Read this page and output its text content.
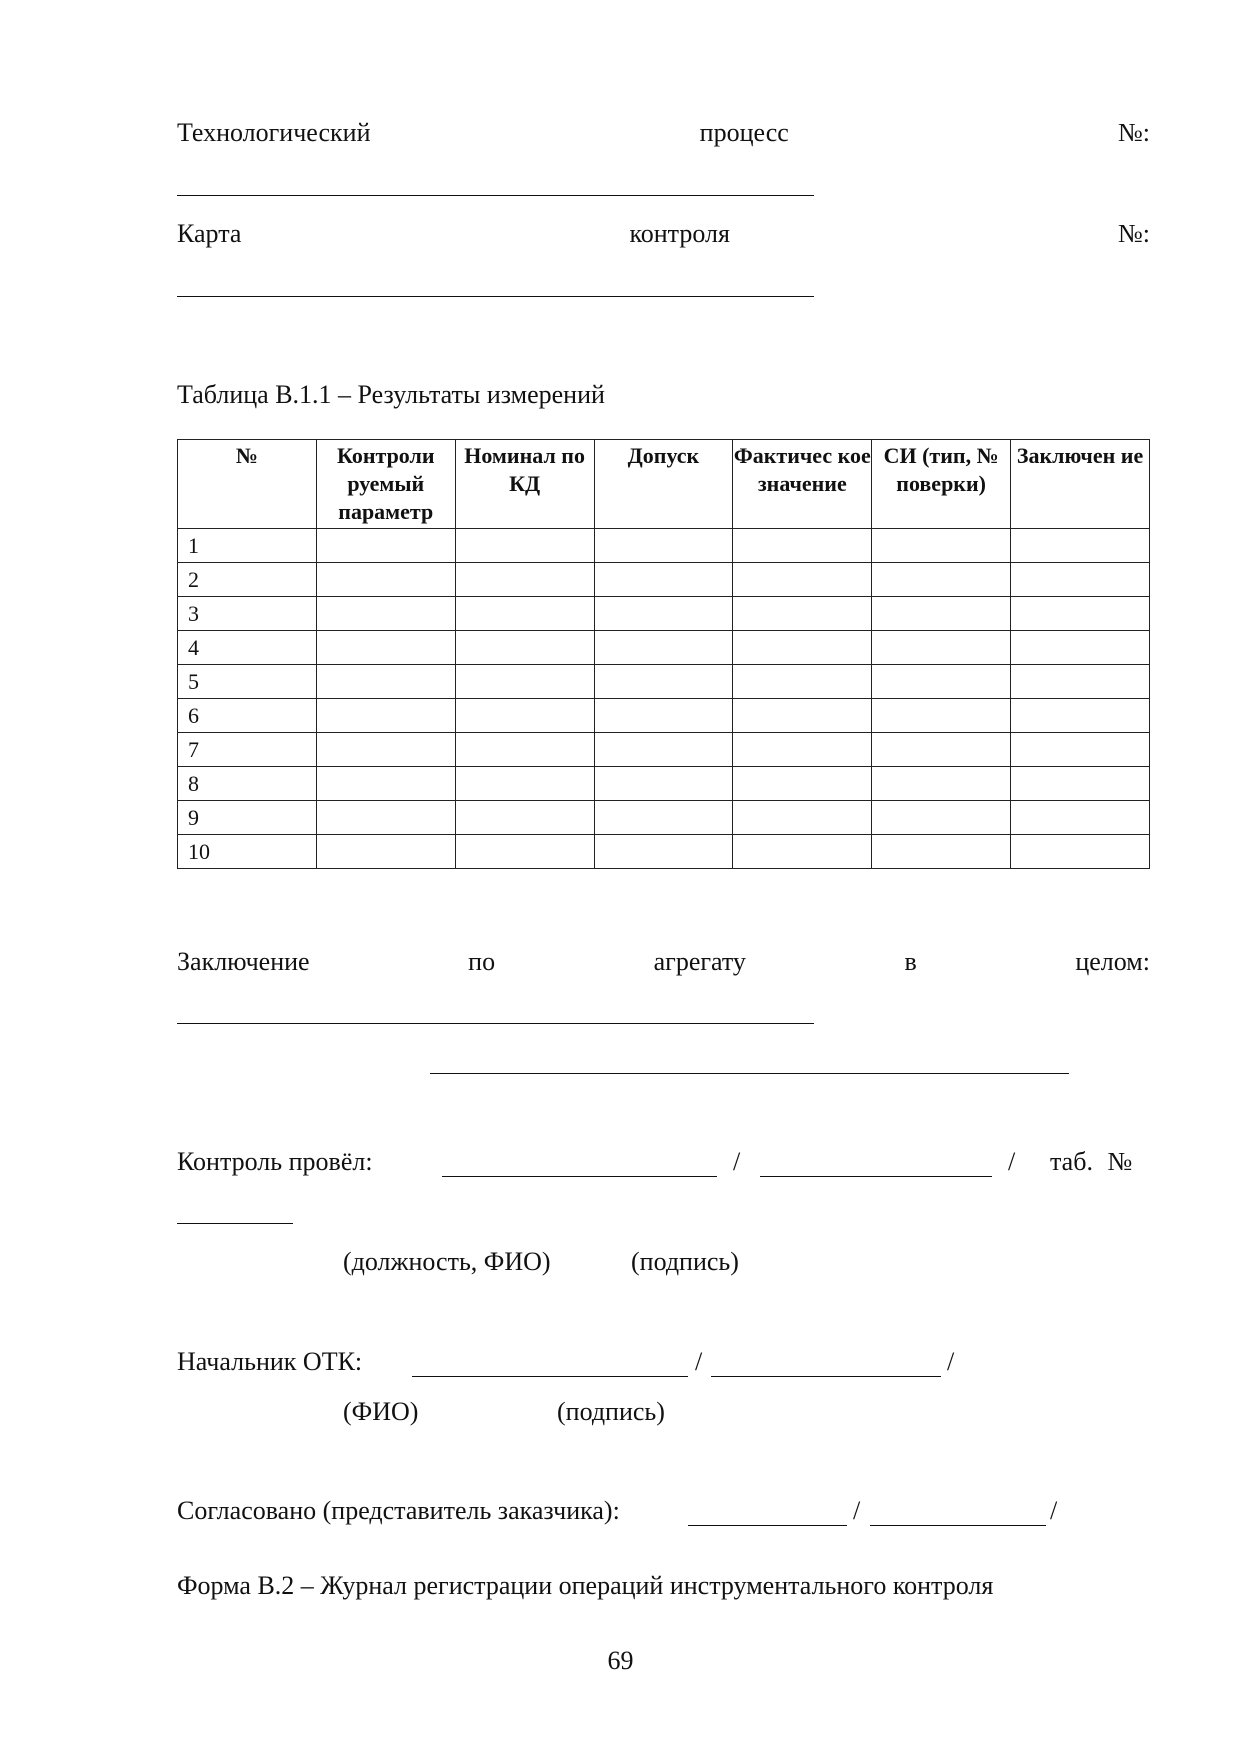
Технологический	процесс	№:
Карта	контроля	№:
Таблица В.1.1 – Результаты измерений
№	Контроли руемый параметр	Номинал по КД	Допуск	Фактичес кое значение	СИ (тип, № поверки)	Заключен ие
1						
2						
3						
4						
5						
6						
7						
8						
9						
10						
Заключение	по	агрегату	в	целом:
Контроль провёл:	/	/ таб. №
(должность, ФИО)	(подпись)
Начальник ОТК:	/	/
(ФИО)	(подпись)
Согласовано (представитель заказчика):	/	/
Форма В.2 – Журнал регистрации операций инструментального контроля
69
